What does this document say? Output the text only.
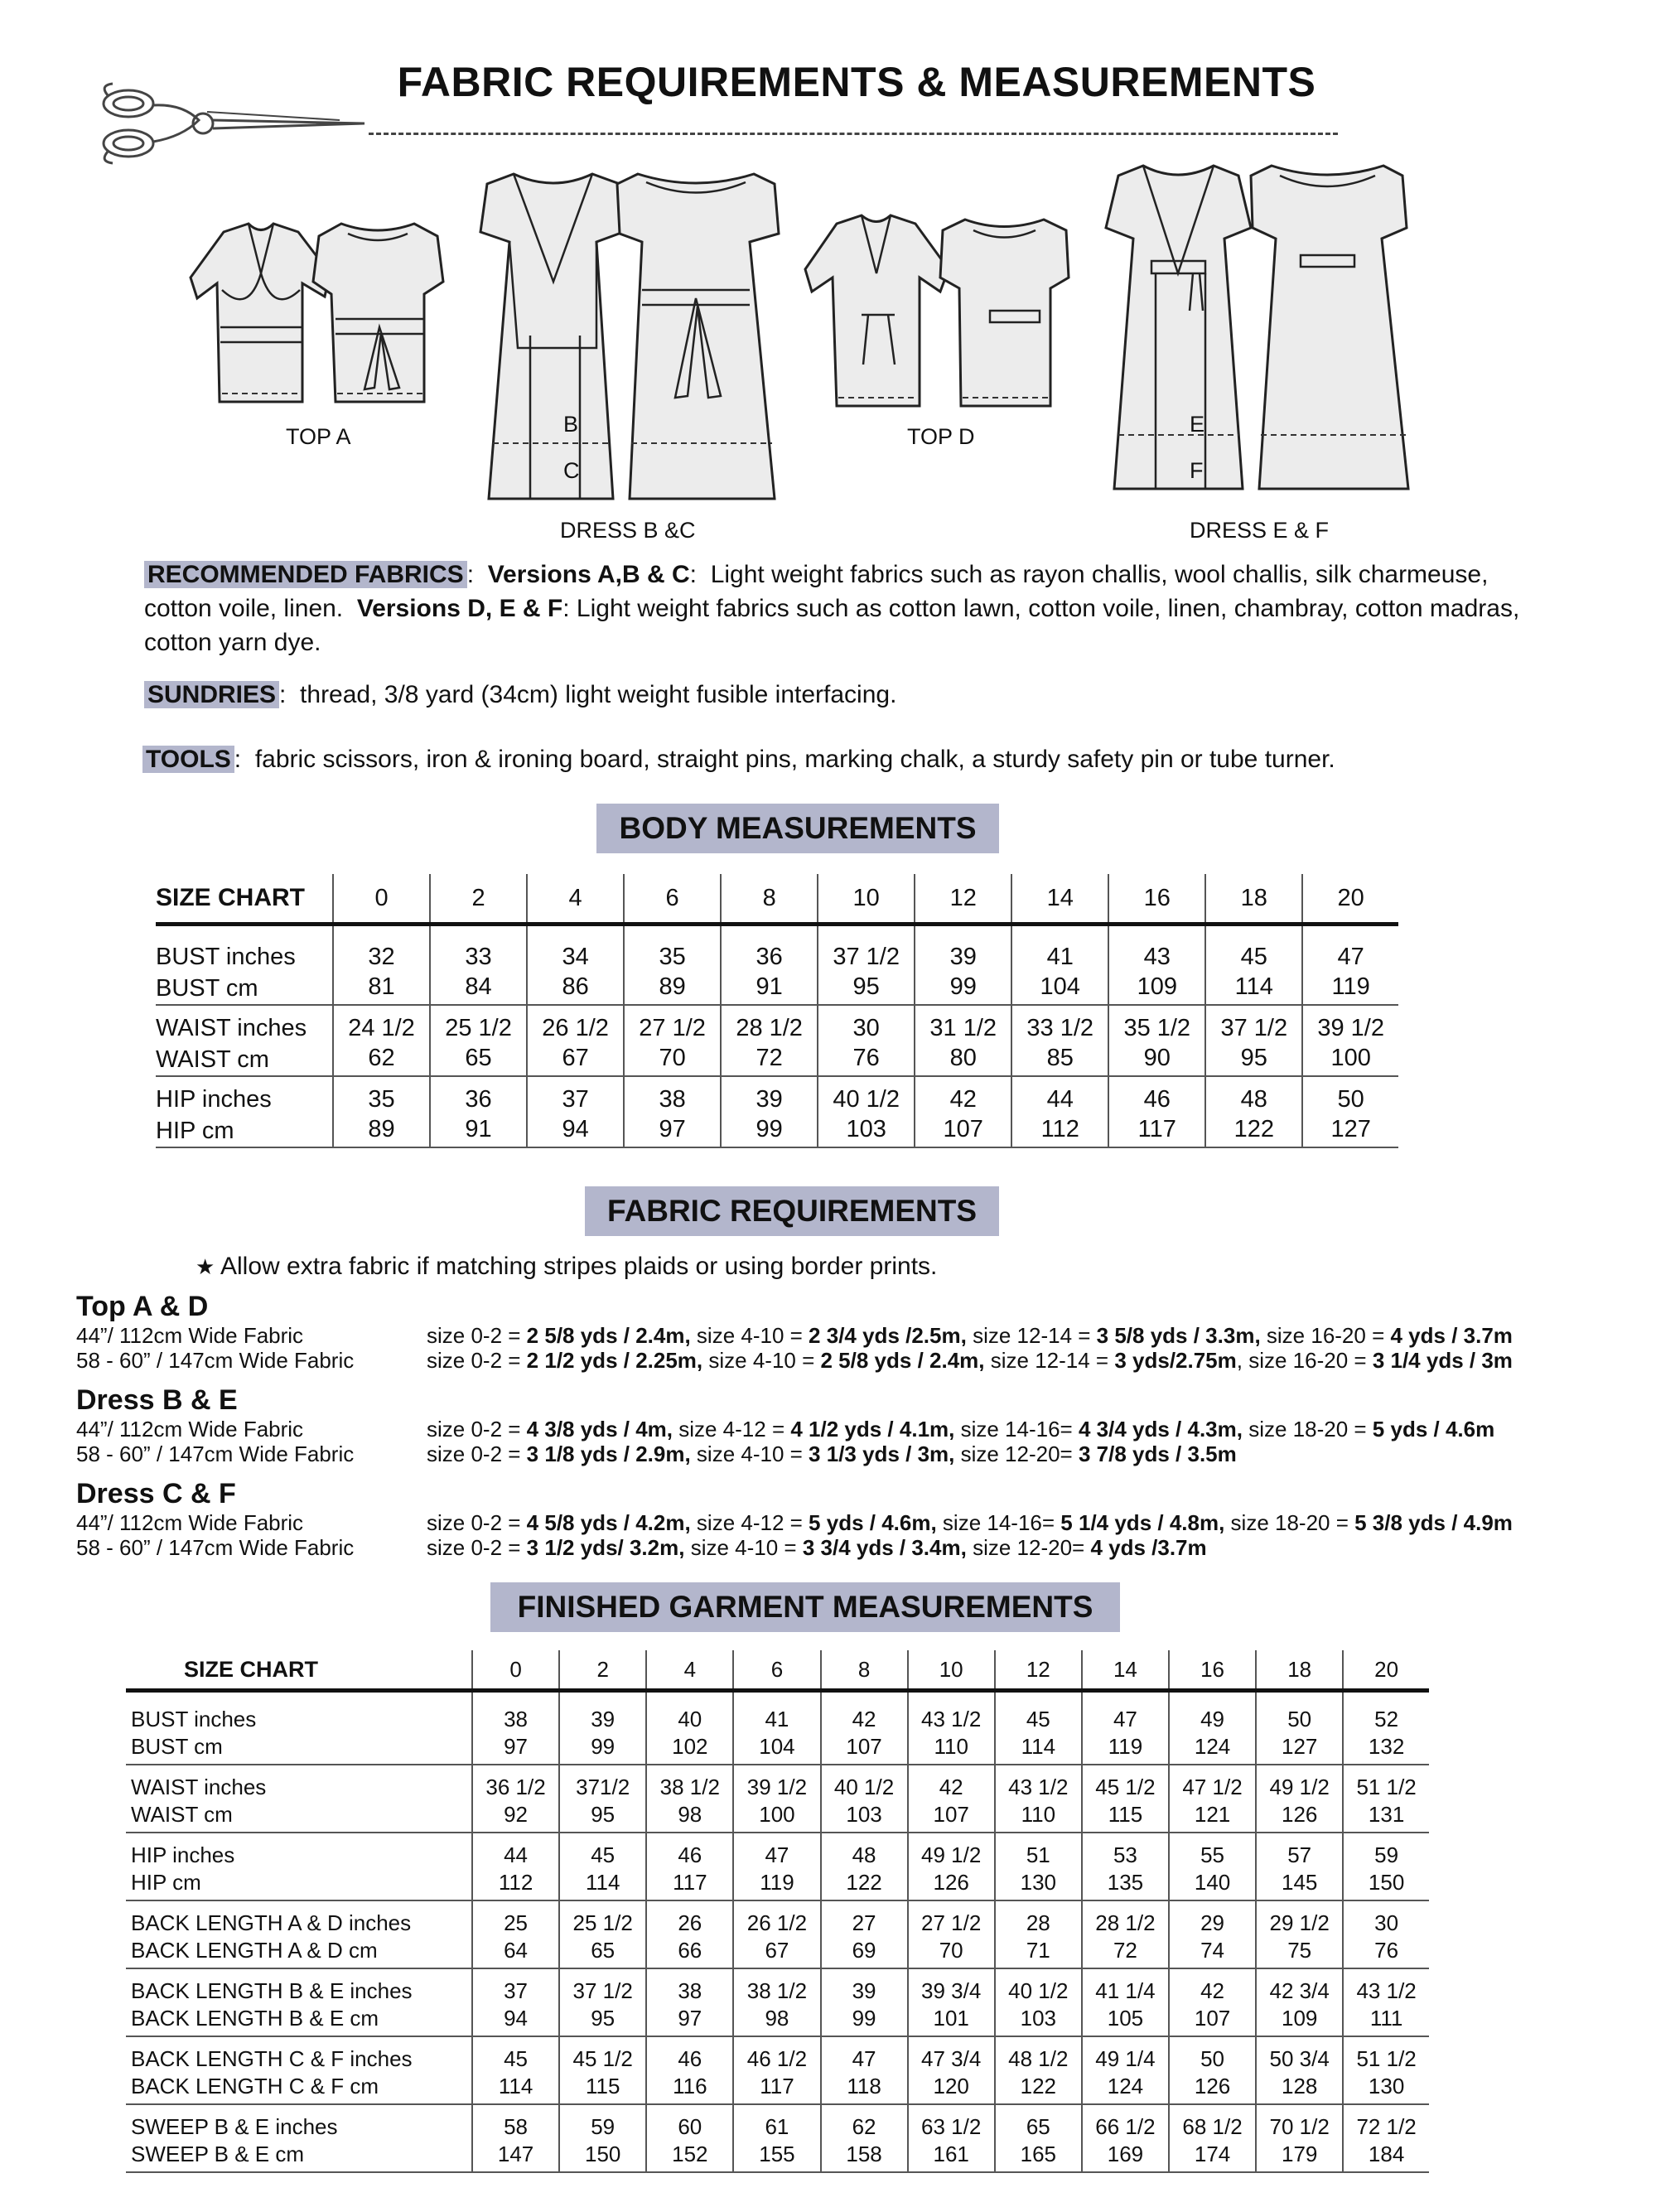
FABRIC REQUIREMENTS & MEASUREMENTS
TOP A	B
C
TOP D	E
F
DRESS B &C	DRESS E & F
RECOMMENDED FABRICS :  Versions A,B & C:  Light weight fabrics such as rayon challis, wool challis, silk charmeuse, cotton voile, linen. Versions D, E & F: Light weight fabrics such as cotton lawn, cotton voile, linen, chambray, cotton madras, cotton yarn dye.
SUNDRIES :  thread, 3/8 yard (34cm) light weight fusible interfacing.
TOOLS :  fabric scissors, iron & ironing board, straight pins, marking chalk, a sturdy safety pin or tube turner.
BODY MEASUREMENTS
SIZE CHART	0	2	4	6	8	10	12	14	16	18	20
BUST inches	32	33	34	35	36	37 1/2	39	41	43	45	47
BUST cm	81	84	86	89	91	95	99	104	109	114	119
WAIST inches	24 1/2	25 1/2	26 1/2	27 1/2	28 1/2	30	31 1/2	33 1/2	35 1/2	37 1/2	39 1/2
WAIST cm	62	65	67	70	72	76	80	85	90	95	100
HIP inches	35	36	37	38	39	40 1/2	42	44	46	48	50
HIP cm	89	91	94	97	99	103	107	112	117	122	127
FABRIC REQUIREMENTS
★ Allow extra fabric if matching stripes plaids or using border prints.
Top A & D
44”/ 112cm Wide Fabric	size 0-2 = 2 5/8 yds / 2.4m, size 4-10 = 2 3/4 yds /2.5m, size 12-14 = 3 5/8 yds / 3.3m, size 16-20 = 4 yds / 3.7m
58 - 60” / 147cm Wide Fabric	size 0-2 = 2 1/2 yds / 2.25m, size 4-10 = 2 5/8 yds / 2.4m, size 12-14 = 3 yds/2.75m, size 16-20 = 3 1/4 yds / 3m
Dress B & E
44”/ 112cm Wide Fabric	size 0-2 = 4 3/8 yds / 4m, size 4-12 = 4 1/2 yds / 4.1m, size 14-16= 4 3/4 yds / 4.3m, size 18-20 = 5 yds / 4.6m
58 - 60” / 147cm Wide Fabric	size 0-2 = 3 1/8 yds / 2.9m, size 4-10 = 3 1/3 yds / 3m, size 12-20= 3 7/8 yds / 3.5m
Dress C & F
44”/ 112cm Wide Fabric	size 0-2 = 4 5/8 yds / 4.2m, size 4-12 = 5 yds / 4.6m, size 14-16= 5 1/4 yds / 4.8m, size 18-20 = 5 3/8 yds / 4.9m
58 - 60” / 147cm Wide Fabric	size 0-2 = 3 1/2 yds/ 3.2m, size 4-10 = 3 3/4 yds / 3.4m, size 12-20= 4 yds /3.7m
FINISHED GARMENT MEASUREMENTS
SIZE CHART	0	2	4	6	8	10	12	14	16	18	20
BUST inches	38	39	40	41	42	43 1/2	45	47	49	50	52
BUST cm	97	99	102	104	107	110	114	119	124	127	132
WAIST inches	36 1/2	371/2	38 1/2	39 1/2	40 1/2	42	43 1/2	45 1/2	47 1/2	49 1/2	51 1/2
WAIST cm	92	95	98	100	103	107	110	115	121	126	131
HIP inches	44	45	46	47	48	49 1/2	51	53	55	57	59
HIP cm	112	114	117	119	122	126	130	135	140	145	150
BACK LENGTH A & D inches	25	25 1/2	26	26 1/2	27	27 1/2	28	28 1/2	29	29 1/2	30
BACK LENGTH A & D cm	64	65	66	67	69	70	71	72	74	75	76
BACK LENGTH B & E inches	37	37 1/2	38	38 1/2	39	39 3/4	40 1/2	41 1/4	42	42 3/4	43 1/2
BACK LENGTH B & E cm	94	95	97	98	99	101	103	105	107	109	111
BACK LENGTH C & F inches	45	45 1/2	46	46 1/2	47	47 3/4	48 1/2	49 1/4	50	50 3/4	51 1/2
BACK LENGTH C & F cm	114	115	116	117	118	120	122	124	126	128	130
SWEEP B & E inches	58	59	60	61	62	63 1/2	65	66 1/2	68 1/2	70 1/2	72 1/2
SWEEP B & E cm	147	150	152	155	158	161	165	169	174	179	184
